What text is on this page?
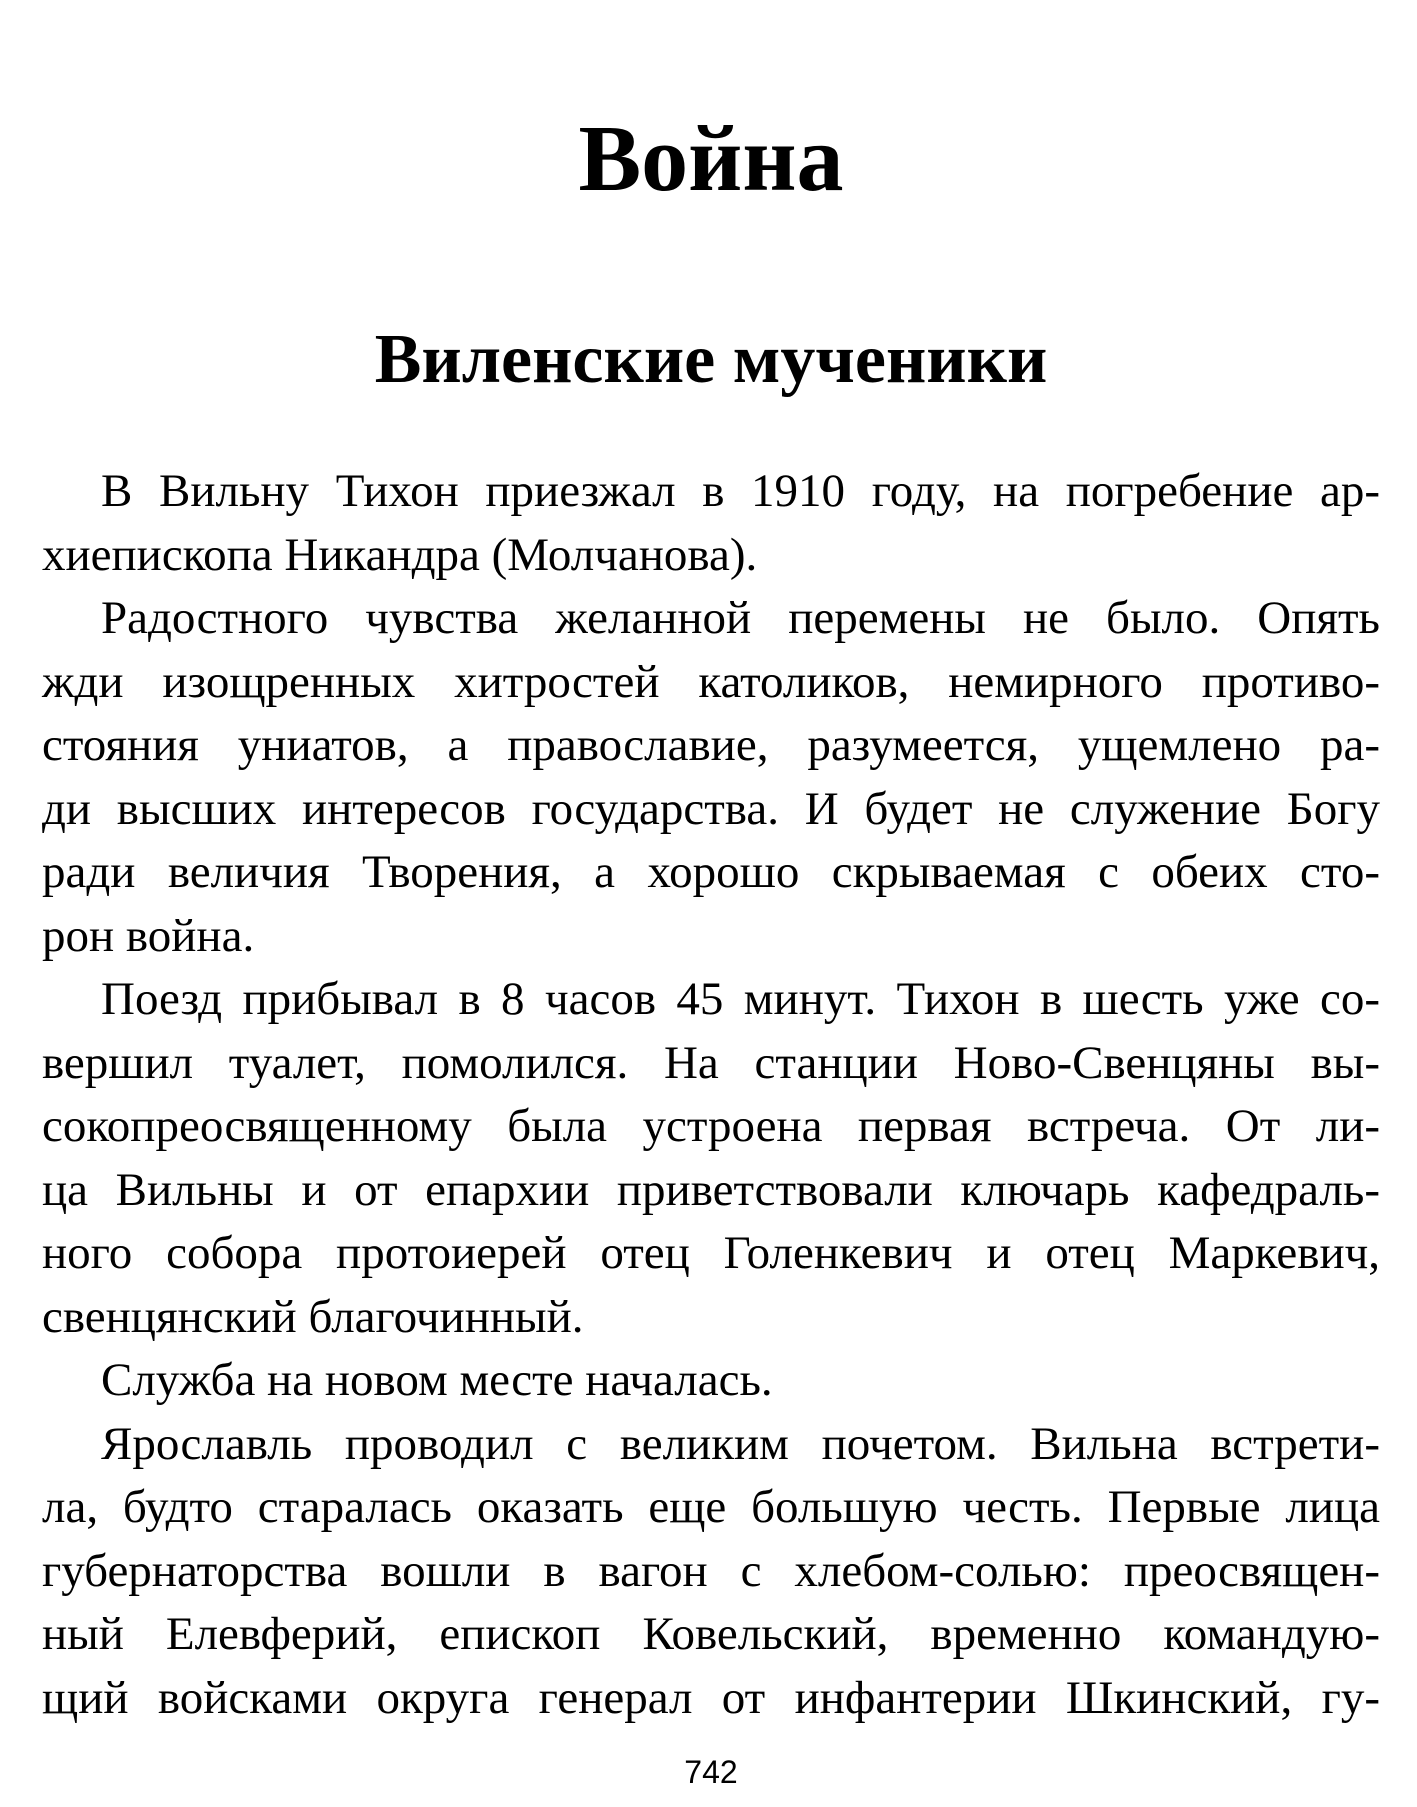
Война
Виленские мученики
В Вильну Тихон приезжал в 1910 году, на погребение ар-
хиепископа Никандра (Молчанова).
Радостного чувства желанной перемены не было. Опять
жди изощренных хитростей католиков, немирного противо-
стояния униатов, а православие, разумеется, ущемлено ра-
ди высших интересов государства. И будет не служение Богу
ради величия Творения, а хорошо скрываемая с обеих сто-
рон война.
Поезд прибывал в 8 часов 45 минут. Тихон в шесть уже со-
вершил туалет, помолился. На станции Ново-Свенцяны вы-
сокопреосвященному была устроена первая встреча. От ли-
ца Вильны и от епархии приветствовали ключарь кафедраль-
ного собора протоиерей отец Голенкевич и отец Маркевич,
свенцянский благочинный.
Служба на новом месте началась.
Ярославль проводил с великим почетом. Вильна встрети-
ла, будто старалась оказать еще большую честь. Первые лица
губернаторства вошли в вагон с хлебом-солью: преосвящен-
ный Елевферий, епископ Ковельский, временно командую-
щий войсками округа генерал от инфантерии Шкинский, гу-
742
